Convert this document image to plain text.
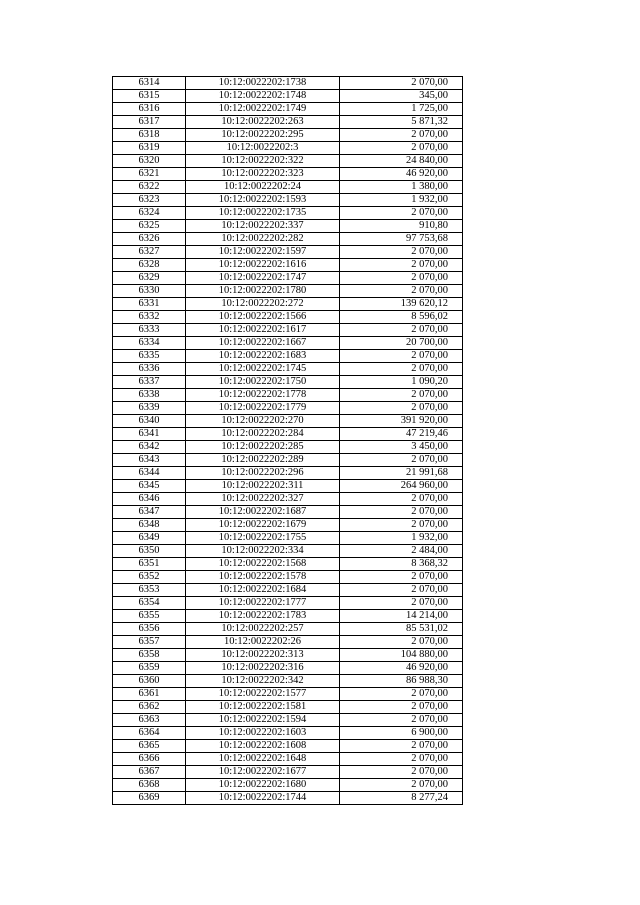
6314	10:12:0022202:1738	2 070,00
6315	10:12:0022202:1748	345,00
6316	10:12:0022202:1749	1 725,00
6317	10:12:0022202:263	5 871,32
6318	10:12:0022202:295	2 070,00
6319	10:12:0022202:3	2 070,00
6320	10:12:0022202:322	24 840,00
6321	10:12:0022202:323	46 920,00
6322	10:12:0022202:24	1 380,00
6323	10:12:0022202:1593	1 932,00
6324	10:12:0022202:1735	2 070,00
6325	10:12:0022202:337	910,80
6326	10:12:0022202:282	97 753,68
6327	10:12:0022202:1597	2 070,00
6328	10:12:0022202:1616	2 070,00
6329	10:12:0022202:1747	2 070,00
6330	10:12:0022202:1780	2 070,00
6331	10:12:0022202:272	139 620,12
6332	10:12:0022202:1566	8 596,02
6333	10:12:0022202:1617	2 070,00
6334	10:12:0022202:1667	20 700,00
6335	10:12:0022202:1683	2 070,00
6336	10:12:0022202:1745	2 070,00
6337	10:12:0022202:1750	1 090,20
6338	10:12:0022202:1778	2 070,00
6339	10:12:0022202:1779	2 070,00
6340	10:12:0022202:270	391 920,00
6341	10:12:0022202:284	47 219,46
6342	10:12:0022202:285	3 450,00
6343	10:12:0022202:289	2 070,00
6344	10:12:0022202:296	21 991,68
6345	10:12:0022202:311	264 960,00
6346	10:12:0022202:327	2 070,00
6347	10:12:0022202:1687	2 070,00
6348	10:12:0022202:1679	2 070,00
6349	10:12:0022202:1755	1 932,00
6350	10:12:0022202:334	2 484,00
6351	10:12:0022202:1568	8 368,32
6352	10:12:0022202:1578	2 070,00
6353	10:12:0022202:1684	2 070,00
6354	10:12:0022202:1777	2 070,00
6355	10:12:0022202:1783	14 214,00
6356	10:12:0022202:257	85 531,02
6357	10:12:0022202:26	2 070,00
6358	10:12:0022202:313	104 880,00
6359	10:12:0022202:316	46 920,00
6360	10:12:0022202:342	86 988,30
6361	10:12:0022202:1577	2 070,00
6362	10:12:0022202:1581	2 070,00
6363	10:12:0022202:1594	2 070,00
6364	10:12:0022202:1603	6 900,00
6365	10:12:0022202:1608	2 070,00
6366	10:12:0022202:1648	2 070,00
6367	10:12:0022202:1677	2 070,00
6368	10:12:0022202:1680	2 070,00
6369	10:12:0022202:1744	8 277,24
